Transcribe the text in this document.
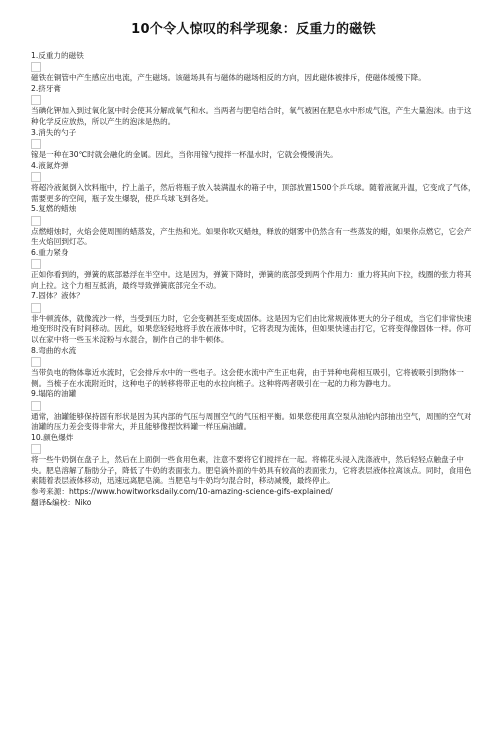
10个令人惊叹的科学现象：反重力的磁铁
1.反重力的磁铁
磁铁在铜管中产生感应出电流，产生磁场。该磁场具有与磁体的磁场相反的方向，因此磁体被排斥，使磁体缓慢下降。
2.挤牙膏
当碘化钾加入到过氧化氢中时会使其分解成氧气和水。当两者与肥皂结合时，氧气被困在肥皂水中形成气泡，产生大量泡沫。由于这种化学反应放热，所以产生的泡沫是热的。
3.消失的勺子
镓是一种在30℃时就会融化的金属。因此，当你用镓勺搅拌一杯温水时，它就会慢慢消失。
4.液氮炸弹
将超冷液氮倒入饮料瓶中，拧上盖子，然后将瓶子放入装满温水的箱子中，顶部放置1500个乒乓球。随着液氮升温，它变成了气体，需要更多的空间，瓶子发生爆裂，使乒乓球飞到各处。
5.复燃的蜡烛
点燃蜡烛时，火焰会使周围的蜡蒸发，产生热和光。如果你吹灭蜡烛，释放的烟雾中仍然含有一些蒸发的蜡，如果你点燃它，它会产生火焰回到灯芯。
6.重力紧身
正如你看到的，弹簧的底部悬浮在半空中。这是因为，弹簧下降时，弹簧的底部受到两个作用力：重力将其向下拉，线圈的张力将其向上拉。这个力相互抵消，最终导致弹簧底部完全不动。
7.固体？液体？
非牛顿流体，就像流沙一样，当受到压力时，它会变稠甚至变成固体。这是因为它们由比常规液体更大的分子组成，当它们非常快速地变形时没有时间移动。因此，如果您轻轻地将手放在液体中时，它将表现为流体，但如果快速击打它，它将变得像固体一样。你可以在家中将一些玉米淀粉与水混合，制作自己的非牛顿体。
8.弯曲的水流
当带负电的物体靠近水流时，它会排斥水中的一些电子。这会使水流中产生正电荷，由于异种电荷相互吸引，它将被吸引到物体一侧。当梳子在水流附近时，这种电子的转移将带正电的水拉向梳子。这种将两者吸引在一起的力称为静电力。
9.塌陷的油罐
通常，油罐能够保持固有形状是因为其内部的气压与周围空气的气压相平衡。如果您使用真空泵从油轮内部抽出空气，周围的空气对油罐的压力差会变得非常大，并且能够像捏饮料罐一样压扁油罐。
10.颜色爆炸
将一些牛奶倒在盘子上，然后在上面倒一些食用色素，注意不要将它们搅拌在一起。将棉花头浸入洗涤液中，然后轻轻点触盘子中央。肥皂溶解了脂肪分子，降低了牛奶的表面张力。肥皂滴外面的牛奶具有较高的表面张力，它将表层液体拉离该点。同时，食用色素随着表层液体移动，迅速远离肥皂滴。当肥皂与牛奶均匀混合时，移动减慢，最终停止。
参考来源：https://www.howitworksdaily.com/10-amazing-science-gifs-explained/
翻译&编校：Niko
